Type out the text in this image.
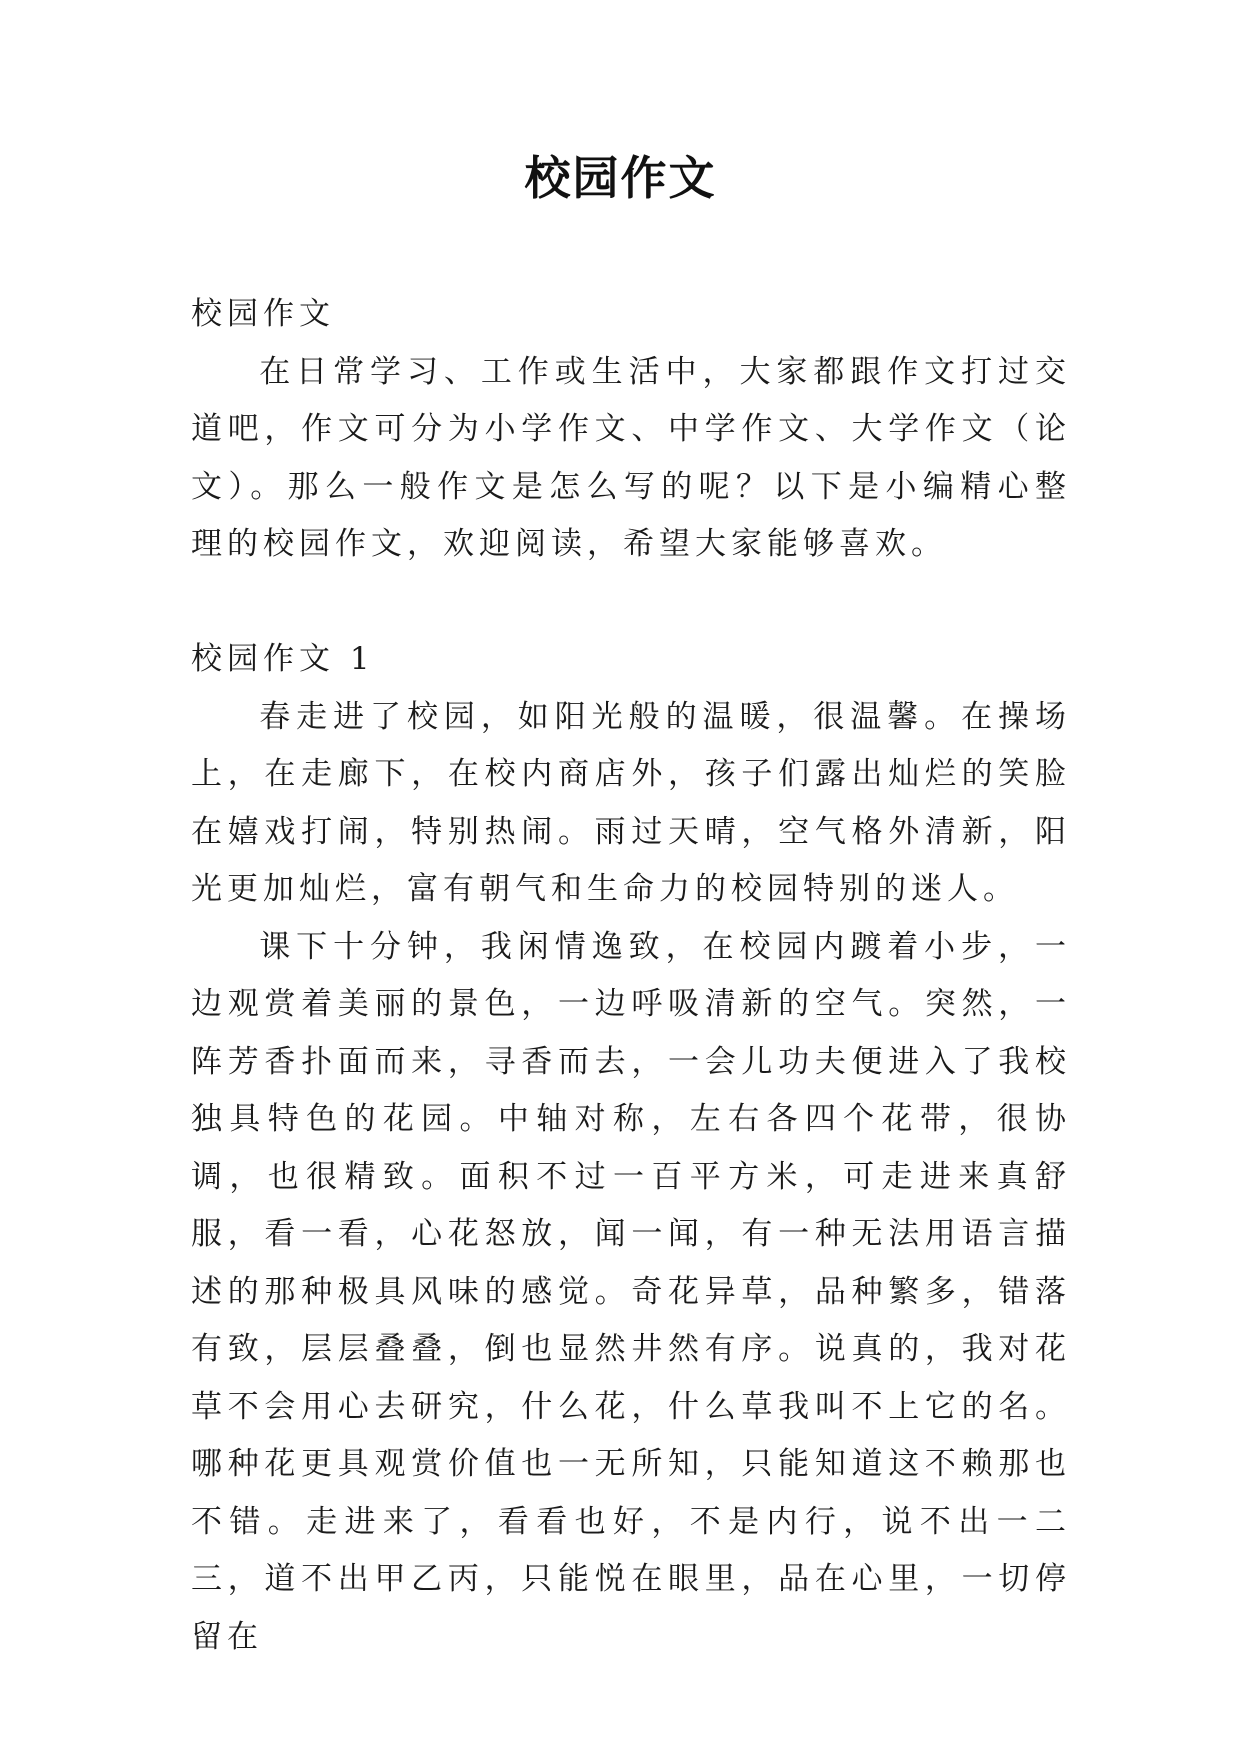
校园作文

校园作文

在日常学习、工作或生活中，大家都跟作文打过交道吧，作文可分为小学作文、中学作文、大学作文（论文）。那么一般作文是怎么写的呢？以下是小编精心整理的校园作文，欢迎阅读，希望大家能够喜欢。

校园作文 1

春走进了校园，如阳光般的温暖，很温馨。在操场上，在走廊下，在校内商店外，孩子们露出灿烂的笑脸在嬉戏打闹，特别热闹。雨过天晴，空气格外清新，阳光更加灿烂，富有朝气和生命力的校园特别的迷人。

课下十分钟，我闲情逸致，在校园内踱着小步，一边观赏着美丽的景色，一边呼吸清新的空气。突然，一阵芳香扑面而来，寻香而去，一会儿功夫便进入了我校独具特色的花园。中轴对称，左右各四个花带，很协调，也很精致。面积不过一百平方米，可走进来真舒服，看一看，心花怒放，闻一闻，有一种无法用语言描述的那种极具风味的感觉。奇花异草，品种繁多，错落有致，层层叠叠，倒也显然井然有序。说真的，我对花草不会用心去研究，什么花，什么草我叫不上它的名。哪种花更具观赏价值也一无所知，只能知道这不赖那也不错。走进来了，看看也好，不是内行，说不出一二三，道不出甲乙丙，只能悦在眼里，品在心里，一切停留在
